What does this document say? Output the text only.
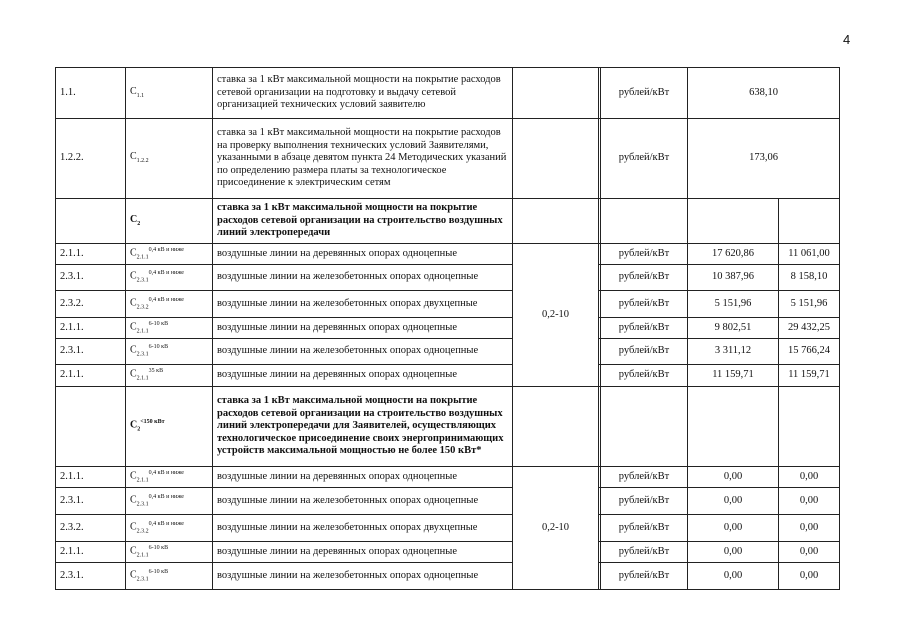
4
1.1.	$C_{1.1}$	ставка за 1 кВт максимальной мощности на покрытие расходов сетевой организации на подготовку и выдачу сетевой организацией технических условий заявителю			рублей/кВт	638,10	
1.2.2.	$C_{1.2.2}$	ставка за 1 кВт максимальной мощности на покрытие расходов на проверку выполнения технических условий Заявителями, указанными в абзаце девятом пункта 24 Методических указаний по определению размера платы за технологическое присоединение к электрическим сетям			рублей/кВт	173,06	
	$C_2$	ставка за 1 кВт максимальной мощности на покрытие расходов сетевой организации на строительство воздушных линий электропередачи					
2.1.1.	$C_{2.1.1}^{0,4 кВ и ниже}$	воздушные линии на деревянных опорах одноцепные	0,2-10		рублей/кВт	17 620,86	11 061,00
2.3.1.	$C_{2.3.1}^{0,4 кВ и ниже}$	воздушные линии на железобетонных опорах одноцепные			рублей/кВт	10 387,96	8 158,10
2.3.2.	$C_{2.3.2}^{0,4 кВ и ниже}$	воздушные линии на железобетонных опорах двухцепные			рублей/кВт	5 151,96	5 151,96
2.1.1.	$C_{2.1.1}^{6-10 кВ}$	воздушные линии на деревянных опорах одноцепные			рублей/кВт	9 802,51	29 432,25
2.3.1.	$C_{2.3.1}^{6-10 кВ}$	воздушные линии на железобетонных опорах одноцепные			рублей/кВт	3 311,12	15 766,24
2.1.1.	$C_{2.1.1}^{35 кВ}$	воздушные линии на деревянных опорах одноцепные			рублей/кВт	11 159,71	11 159,71
	$C_2^{<150 кВт}$	ставка за 1 кВт максимальной мощности на покрытие расходов сетевой организации на строительство воздушных линий электропередачи для Заявителей, осуществляющих технологическое присоединение своих энергопринимающих устройств максимальной мощностью не более 150 кВт*					
2.1.1.	$C_{2.1.1}^{0,4 кВ и ниже}$	воздушные линии на деревянных опорах одноцепные	0,2-10		рублей/кВт	0,00	0,00
2.3.1.	$C_{2.3.1}^{0,4 кВ и ниже}$	воздушные линии на железобетонных опорах одноцепные			рублей/кВт	0,00	0,00
2.3.2.	$C_{2.3.2}^{0,4 кВ и ниже}$	воздушные линии на железобетонных опорах двухцепные			рублей/кВт	0,00	0,00
2.1.1.	$C_{2.1.1}^{6-10 кВ}$	воздушные линии на деревянных опорах одноцепные			рублей/кВт	0,00	0,00
2.3.1.	$C_{2.3.1}^{6-10 кВ}$	воздушные линии на железобетонных опорах одноцепные			рублей/кВт	0,00	0,00
